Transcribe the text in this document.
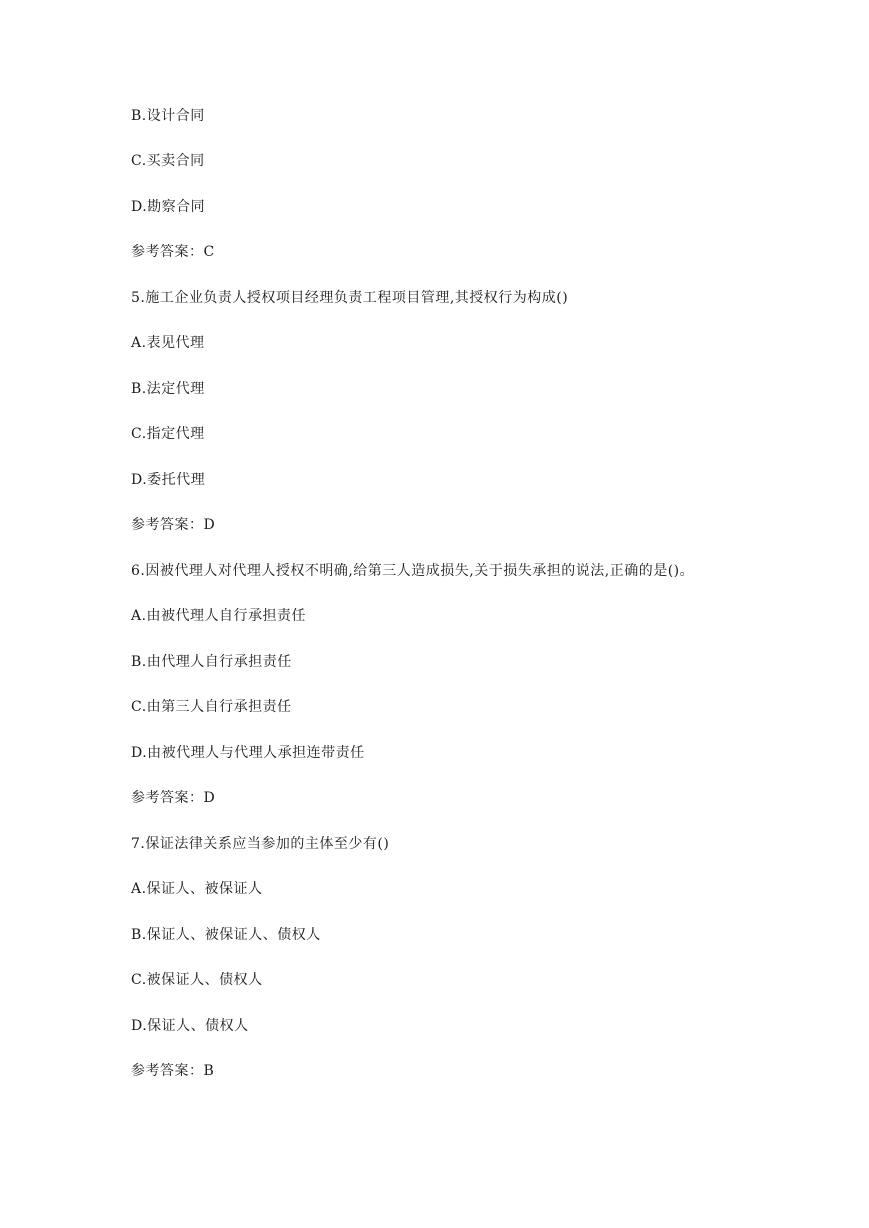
B.设计合同
C.买卖合同
D.勘察合同
参考答案：C
5.施工企业负责人授权项目经理负责工程项目管理,其授权行为构成()
A.表见代理
B.法定代理
C.指定代理
D.委托代理
参考答案：D
6.因被代理人对代理人授权不明确,给第三人造成损失,关于损失承担的说法,正确的是()。
A.由被代理人自行承担责任
B.由代理人自行承担责任
C.由第三人自行承担责任
D.由被代理人与代理人承担连带责任
参考答案：D
7.保证法律关系应当参加的主体至少有()
A.保证人、被保证人
B.保证人、被保证人、债权人
C.被保证人、债权人
D.保证人、债权人
参考答案：B
